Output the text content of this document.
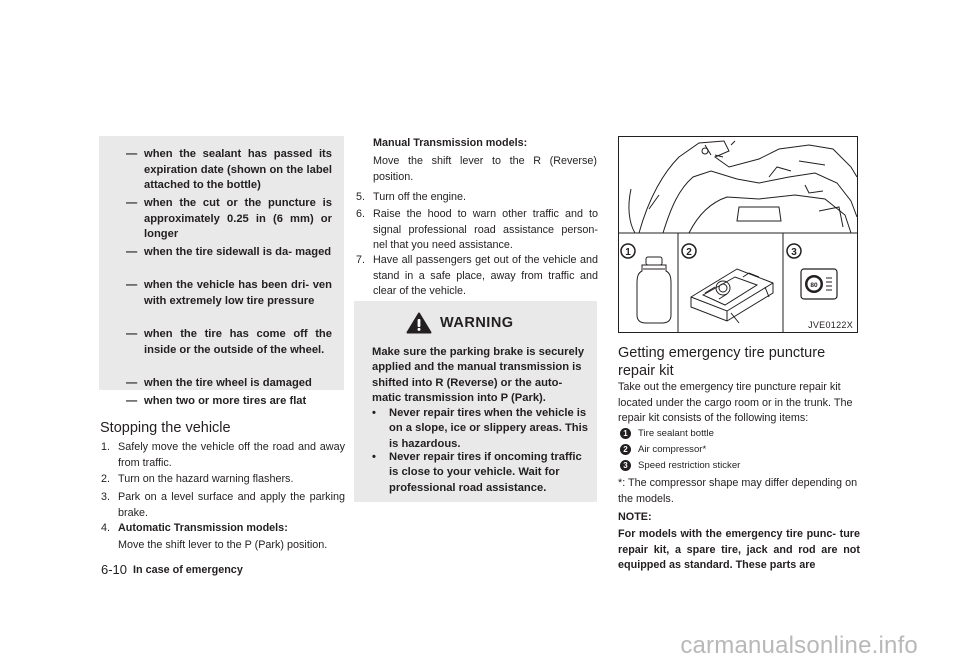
— when the sealant has passed its expiration date (shown on the label attached to the bottle)
— when the cut or the puncture is approximately 0.25 in (6 mm) or longer
— when the tire sidewall is da- maged
— when the vehicle has been dri- ven with extremely low tire pressure
— when the tire has come off the inside or the outside of the wheel.
— when the tire wheel is damaged
— when two or more tires are flat
Stopping the vehicle
1. Safely move the vehicle off the road and away from traffic.
2. Turn on the hazard warning flashers.
3. Park on a level surface and apply the parking brake.
4. Automatic Transmission models:
Move the shift lever to the P (Park) position.
Manual Transmission models:
Move the shift lever to the R (Reverse) position.
5. Turn off the engine.
6. Raise the hood to warn other traffic and to signal professional road assistance person- nel that you need assistance.
7. Have all passengers get out of the vehicle and stand in a safe place, away from traffic and clear of the vehicle.
WARNING
Make sure the parking brake is securely applied and the manual transmission is shifted into R (Reverse) or the auto- matic transmission into P (Park).
•	Never repair tires when the vehicle is on a slope, ice or slippery areas. This is hazardous.
•	Never repair tires if oncoming traffic is close to your vehicle. Wait for professional road assistance.
80
1	2	3
JVE0122X
Getting emergency tire puncture repair kit
Take out the emergency tire puncture repair kit located under the cargo room or in the trunk. The repair kit consists of the following items:
1 Tire sealant bottle
2 Air compressor*
3 Speed restriction sticker
*: The compressor shape may differ depending on the models.
NOTE:
For models with the emergency tire punc- ture repair kit, a spare tire, jack and rod are not equipped as standard. These parts are
6-10 In case of emergency
carmanualsonline.info
